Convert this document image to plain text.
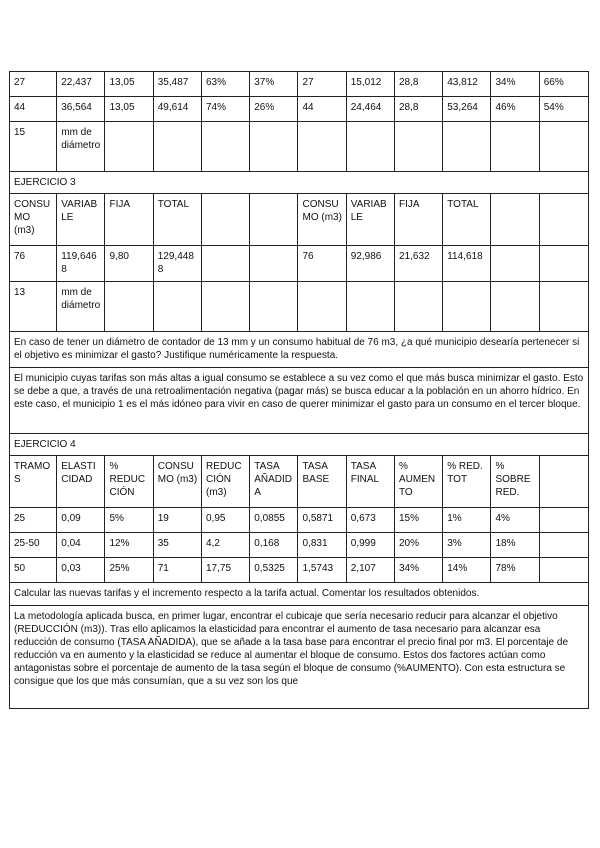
27	22,437	13,05	35,487	63%	37%	27	15,012	28,8	43,812	34%	66%
44	36,564	13,05	49,614	74%	26%	44	24,464	28,8	53,264	46%	54%
15	mm de diámetro										
EJERCICIO 3											
CONSUMO (m3)	VARIABLE	FIJA	TOTAL			CONSUMO (m3)	VARIABLE	FIJA	TOTAL		
76	119,6468	9,80	129,4488			76	92,986	21,632	114,618		
13	mm de diámetro										
En caso de tener un diámetro de contador de 13 mm y un consumo habitual de 76 m3, ¿a qué municipio desearía pertenecer si el objetivo es minimizar el gasto? Justifique numéricamente la respuesta.											
El municipio cuyas tarifas son más altas a igual consumo se establece a su vez como el que más busca minimizar el gasto. Esto se debe a que, a través de una retroalimentación negativa (pagar más) se busca educar a la población en un ahorro hídrico. En este caso, el municipio 1 es el más idóneo para vivir en caso de querer minimizar el gasto para un consumo en el tercer bloque.											
EJERCICIO 4											
TRAMOS	ELASTICIDAD	% REDUCCIÓN	CONSUMO (m3)	REDUCCIÓN (m3)	TASA AÑADIDA	TASA BASE	TASA FINAL	% AUMENTO	% RED. TOT	% SOBRE RED.	
25	0,09	5%	19	0,95	0,0855	0,5871	0,673	15%	1%	4%	
25-50	0,04	12%	35	4,2	0,168	0,831	0,999	20%	3%	18%	
50	0,03	25%	71	17,75	0,5325	1,5743	2,107	34%	14%	78%	
Calcular las nuevas tarifas y el incremento respecto a la tarifa actual. Comentar los resultados obtenidos.											
La metodología aplicada busca, en primer lugar, encontrar el cubicaje que sería necesario reducir para alcanzar el objetivo (REDUCCIÓN (m3)). Tras ello aplicamos la elasticidad para encontrar el aumento de tasa necesario para alcanzar esa reducción de consumo (TASA AÑADIDA), que se añade a la tasa base para encontrar el precio final por m3. El porcentaje de reducción va en aumento y la elasticidad se reduce al aumentar el bloque de consumo. Estos dos factores actúan como antagonistas sobre el porcentaje de aumento de la tasa según el bloque de consumo (%AUMENTO). Con esta estructura se consigue que los que más consumían, que a su vez son los que											
